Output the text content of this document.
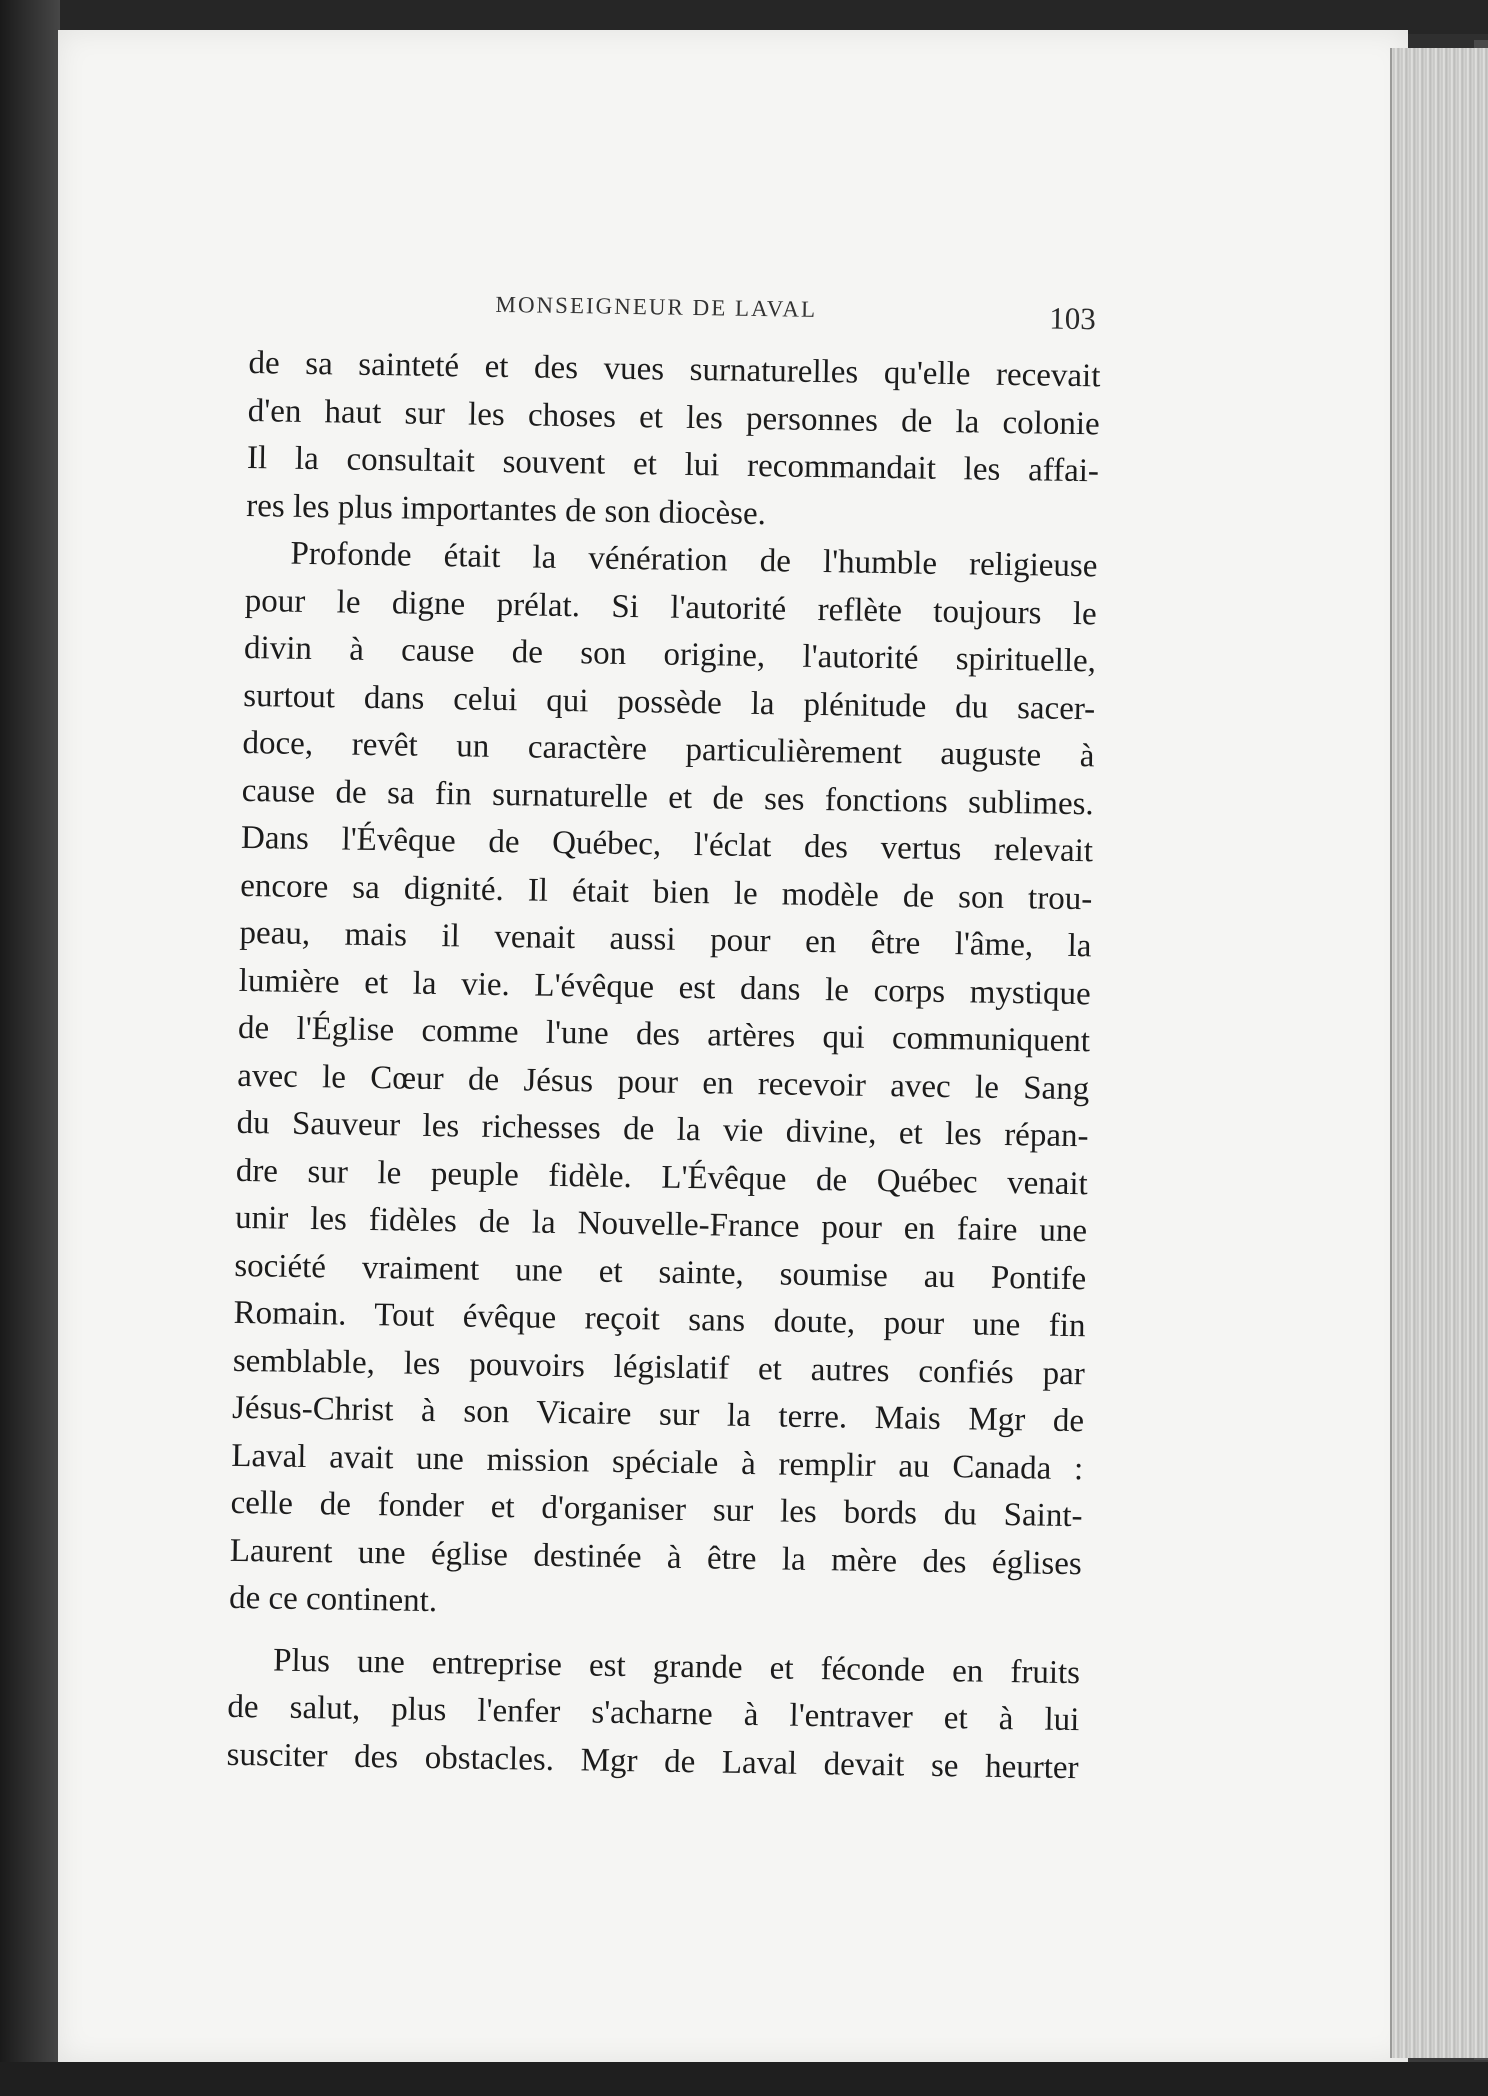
MONSEIGNEUR DE LAVAL	103
de sa sainteté et des vues surnaturelles qu'elle recevait
d'en haut sur les choses et les personnes de la colonie
Il la consultait souvent et lui recommandait les affai-
res les plus importantes de son diocèse.
Profonde était la vénération de l'humble religieuse
pour le digne prélat. Si l'autorité reflète toujours le
divin à cause de son origine, l'autorité spirituelle,
surtout dans celui qui possède la plénitude du sacer-
doce, revêt un caractère particulièrement auguste à
cause de sa fin surnaturelle et de ses fonctions sublimes.
Dans l'Évêque de Québec, l'éclat des vertus relevait
encore sa dignité. Il était bien le modèle de son trou-
peau, mais il venait aussi pour en être l'âme, la
lumière et la vie. L'évêque est dans le corps mystique
de l'Église comme l'une des artères qui communiquent
avec le Cœur de Jésus pour en recevoir avec le Sang
du Sauveur les richesses de la vie divine, et les répan-
dre sur le peuple fidèle. L'Évêque de Québec venait
unir les fidèles de la Nouvelle-France pour en faire une
société vraiment une et sainte, soumise au Pontife
Romain. Tout évêque reçoit sans doute, pour une fin
semblable, les pouvoirs législatif et autres confiés par
Jésus-Christ à son Vicaire sur la terre. Mais Mgr de
Laval avait une mission spéciale à remplir au Canada :
celle de fonder et d'organiser sur les bords du Saint-
Laurent une église destinée à être la mère des églises
de ce continent.
Plus une entreprise est grande et féconde en fruits
de salut, plus l'enfer s'acharne à l'entraver et à lui
susciter des obstacles. Mgr de Laval devait se heurter
